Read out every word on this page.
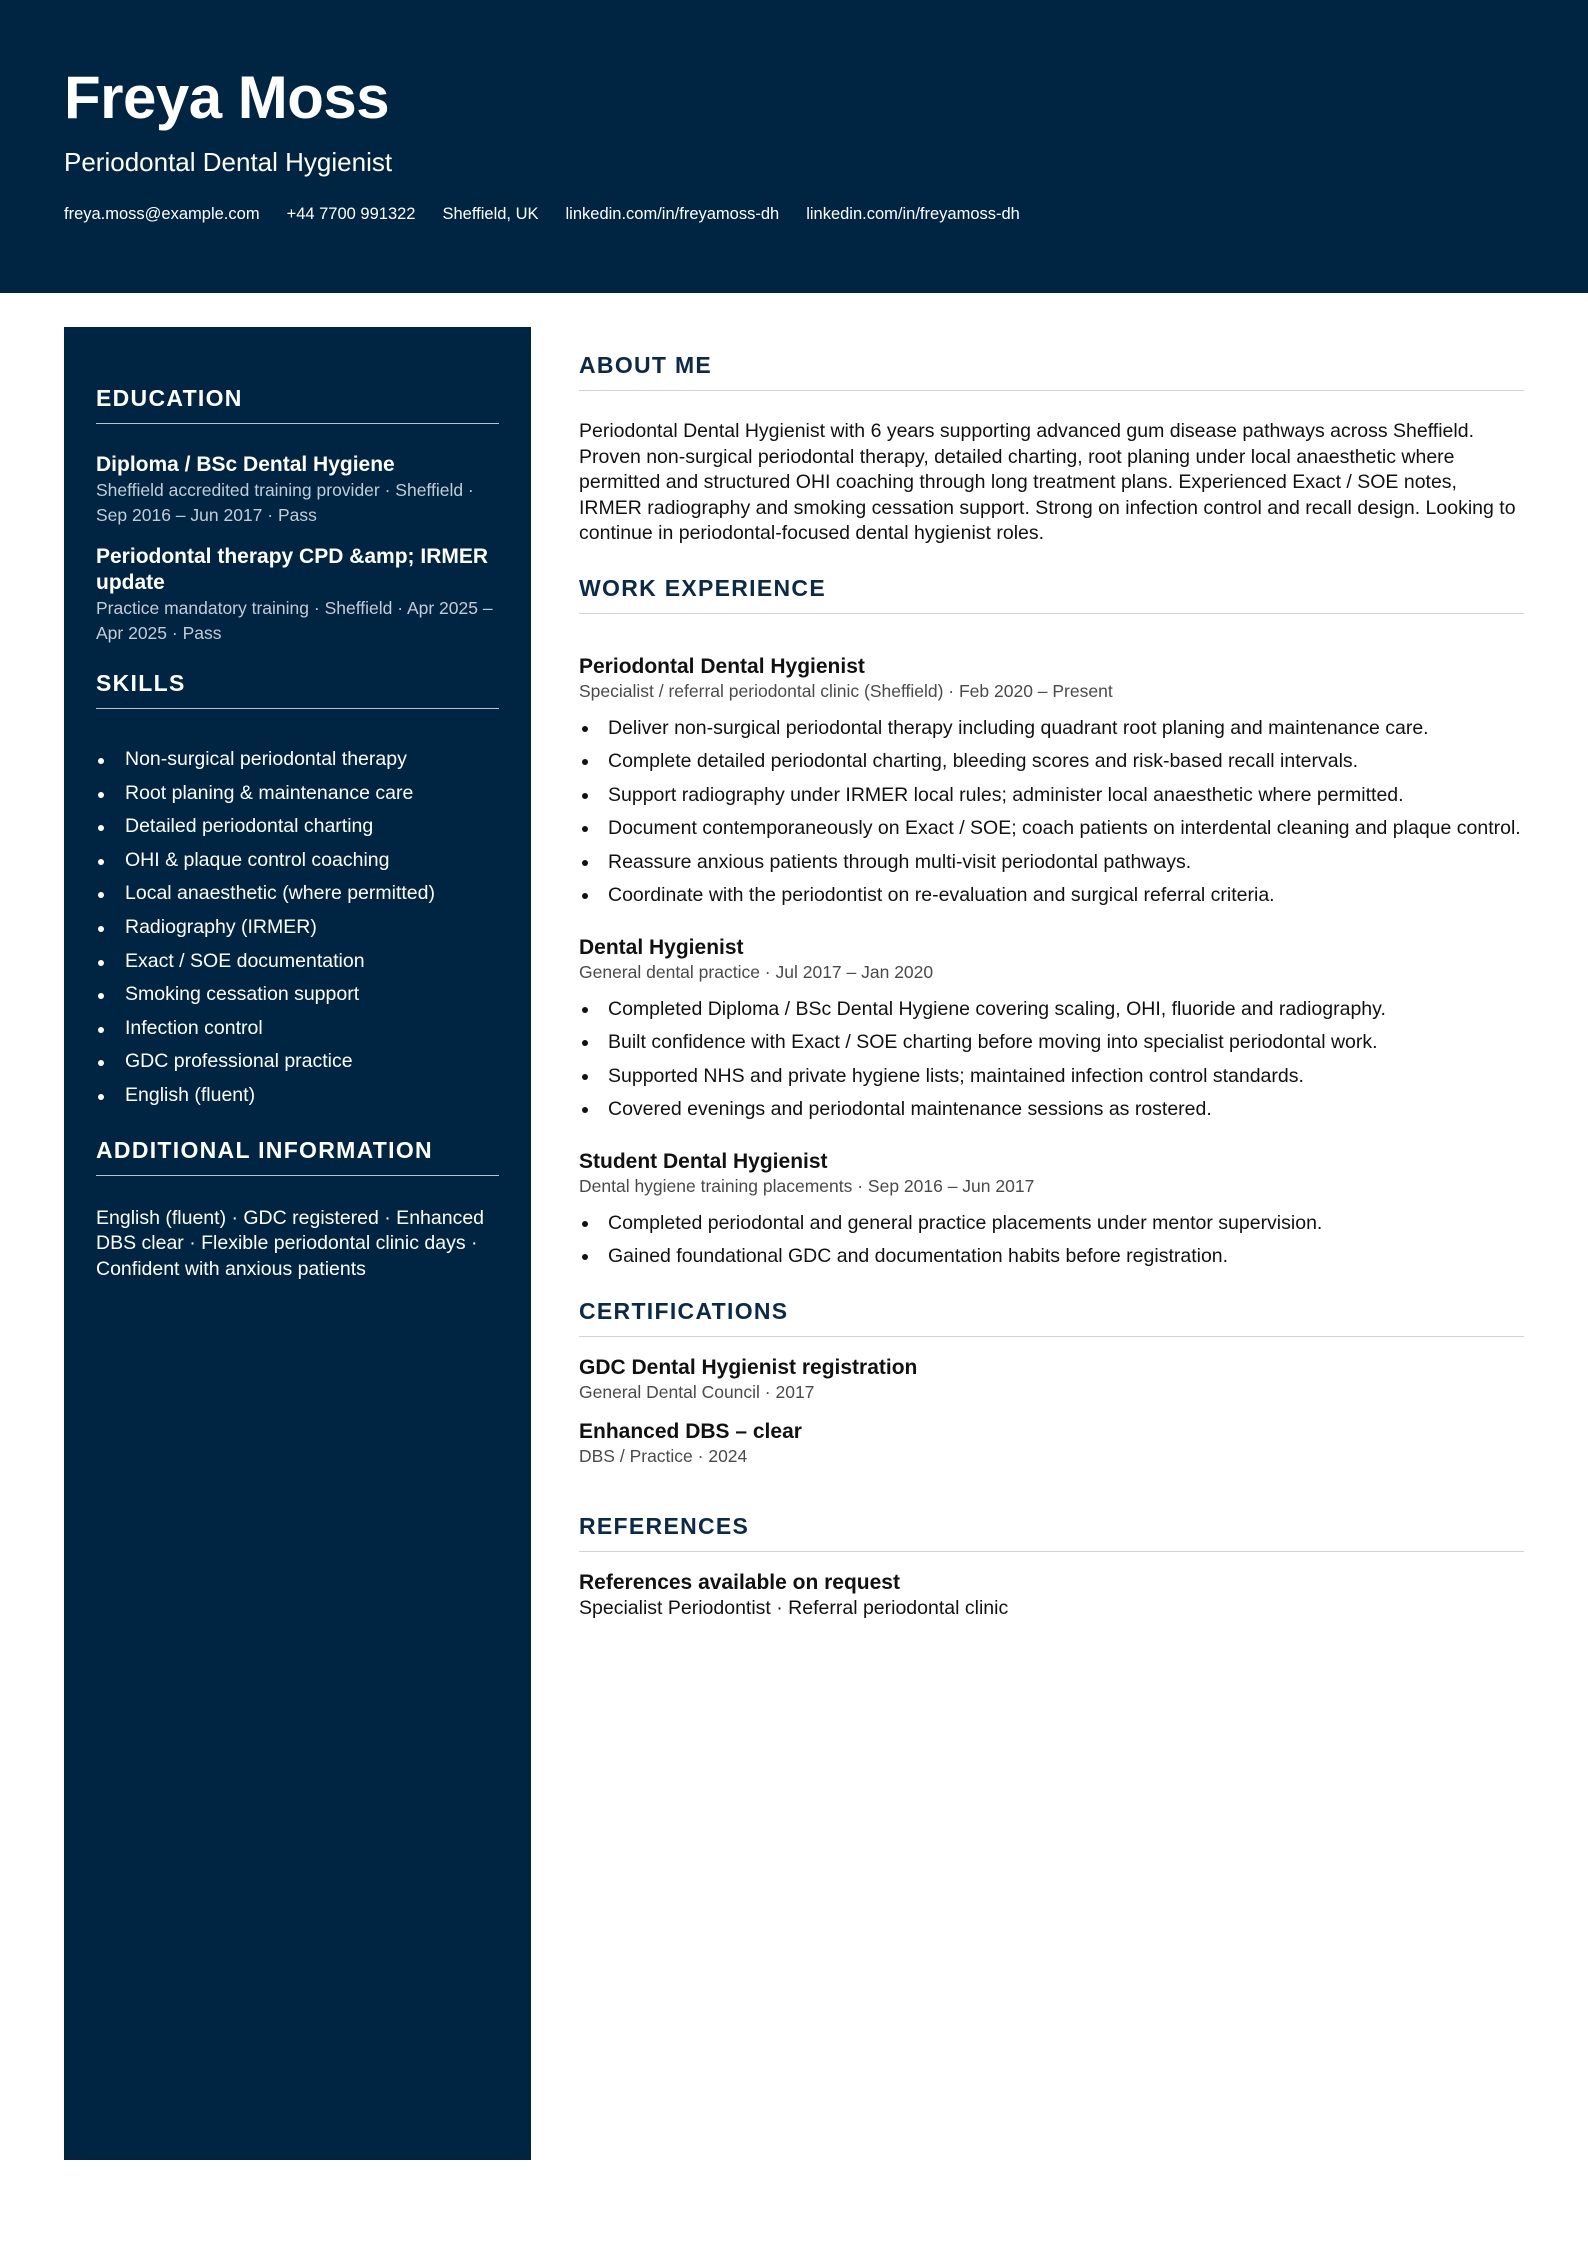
Freya Moss
Periodontal Dental Hygienist
freya.moss@example.com +44 7700 991322 Sheffield, UK linkedin.com/in/freyamoss-dh linkedin.com/in/freyamoss-dh
EDUCATION
Diploma / BSc Dental Hygiene
Sheffield accredited training provider · Sheffield · Sep 2016 – Jun 2017 · Pass
Periodontal therapy CPD &amp; IRMER update
Practice mandatory training · Sheffield · Apr 2025 – Apr 2025 · Pass
SKILLS
Non-surgical periodontal therapy
Root planing & maintenance care
Detailed periodontal charting
OHI & plaque control coaching
Local anaesthetic (where permitted)
Radiography (IRMER)
Exact / SOE documentation
Smoking cessation support
Infection control
GDC professional practice
English (fluent)
ADDITIONAL INFORMATION
English (fluent) · GDC registered · Enhanced DBS clear · Flexible periodontal clinic days · Confident with anxious patients
ABOUT ME
Periodontal Dental Hygienist with 6 years supporting advanced gum disease pathways across Sheffield. Proven non-surgical periodontal therapy, detailed charting, root planing under local anaesthetic where permitted and structured OHI coaching through long treatment plans. Experienced Exact / SOE notes, IRMER radiography and smoking cessation support. Strong on infection control and recall design. Looking to continue in periodontal-focused dental hygienist roles.
WORK EXPERIENCE
Periodontal Dental Hygienist
Specialist / referral periodontal clinic (Sheffield) · Feb 2020 – Present
Deliver non-surgical periodontal therapy including quadrant root planing and maintenance care.
Complete detailed periodontal charting, bleeding scores and risk-based recall intervals.
Support radiography under IRMER local rules; administer local anaesthetic where permitted.
Document contemporaneously on Exact / SOE; coach patients on interdental cleaning and plaque control.
Reassure anxious patients through multi-visit periodontal pathways.
Coordinate with the periodontist on re-evaluation and surgical referral criteria.
Dental Hygienist
General dental practice · Jul 2017 – Jan 2020
Completed Diploma / BSc Dental Hygiene covering scaling, OHI, fluoride and radiography.
Built confidence with Exact / SOE charting before moving into specialist periodontal work.
Supported NHS and private hygiene lists; maintained infection control standards.
Covered evenings and periodontal maintenance sessions as rostered.
Student Dental Hygienist
Dental hygiene training placements · Sep 2016 – Jun 2017
Completed periodontal and general practice placements under mentor supervision.
Gained foundational GDC and documentation habits before registration.
CERTIFICATIONS
GDC Dental Hygienist registration
General Dental Council · 2017
Enhanced DBS – clear
DBS / Practice · 2024
REFERENCES
References available on request
Specialist Periodontist · Referral periodontal clinic
